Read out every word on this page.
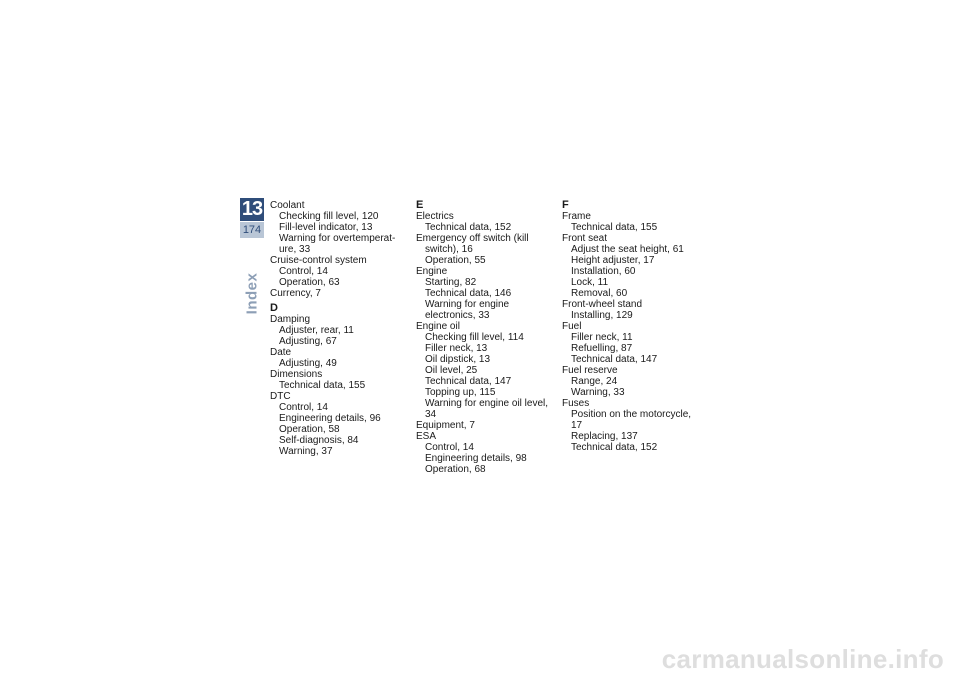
13
174
Index
Coolant
Checking fill level, 120
Fill-level indicator, 13
Warning for overtemperat-
ure, 33
Cruise-control system
Control, 14
Operation, 63
Currency, 7
D
Damping
Adjuster, rear, 11
Adjusting, 67
Date
Adjusting, 49
Dimensions
Technical data, 155
DTC
Control, 14
Engineering details, 96
Operation, 58
Self-diagnosis, 84
Warning, 37
E
Electrics
Technical data, 152
Emergency off switch (kill
switch), 16
Operation, 55
Engine
Starting, 82
Technical data, 146
Warning for engine
electronics, 33
Engine oil
Checking fill level, 114
Filler neck, 13
Oil dipstick, 13
Oil level, 25
Technical data, 147
Topping up, 115
Warning for engine oil level, 34
Equipment, 7
ESA
Control, 14
Engineering details, 98
Operation, 68
F
Frame
Technical data, 155
Front seat
Adjust the seat height, 61
Height adjuster, 17
Installation, 60
Lock, 11
Removal, 60
Front-wheel stand
Installing, 129
Fuel
Filler neck, 11
Refuelling, 87
Technical data, 147
Fuel reserve
Range, 24
Warning, 33
Fuses
Position on the motorcycle, 17
Replacing, 137
Technical data, 152
carmanualsonline.info
